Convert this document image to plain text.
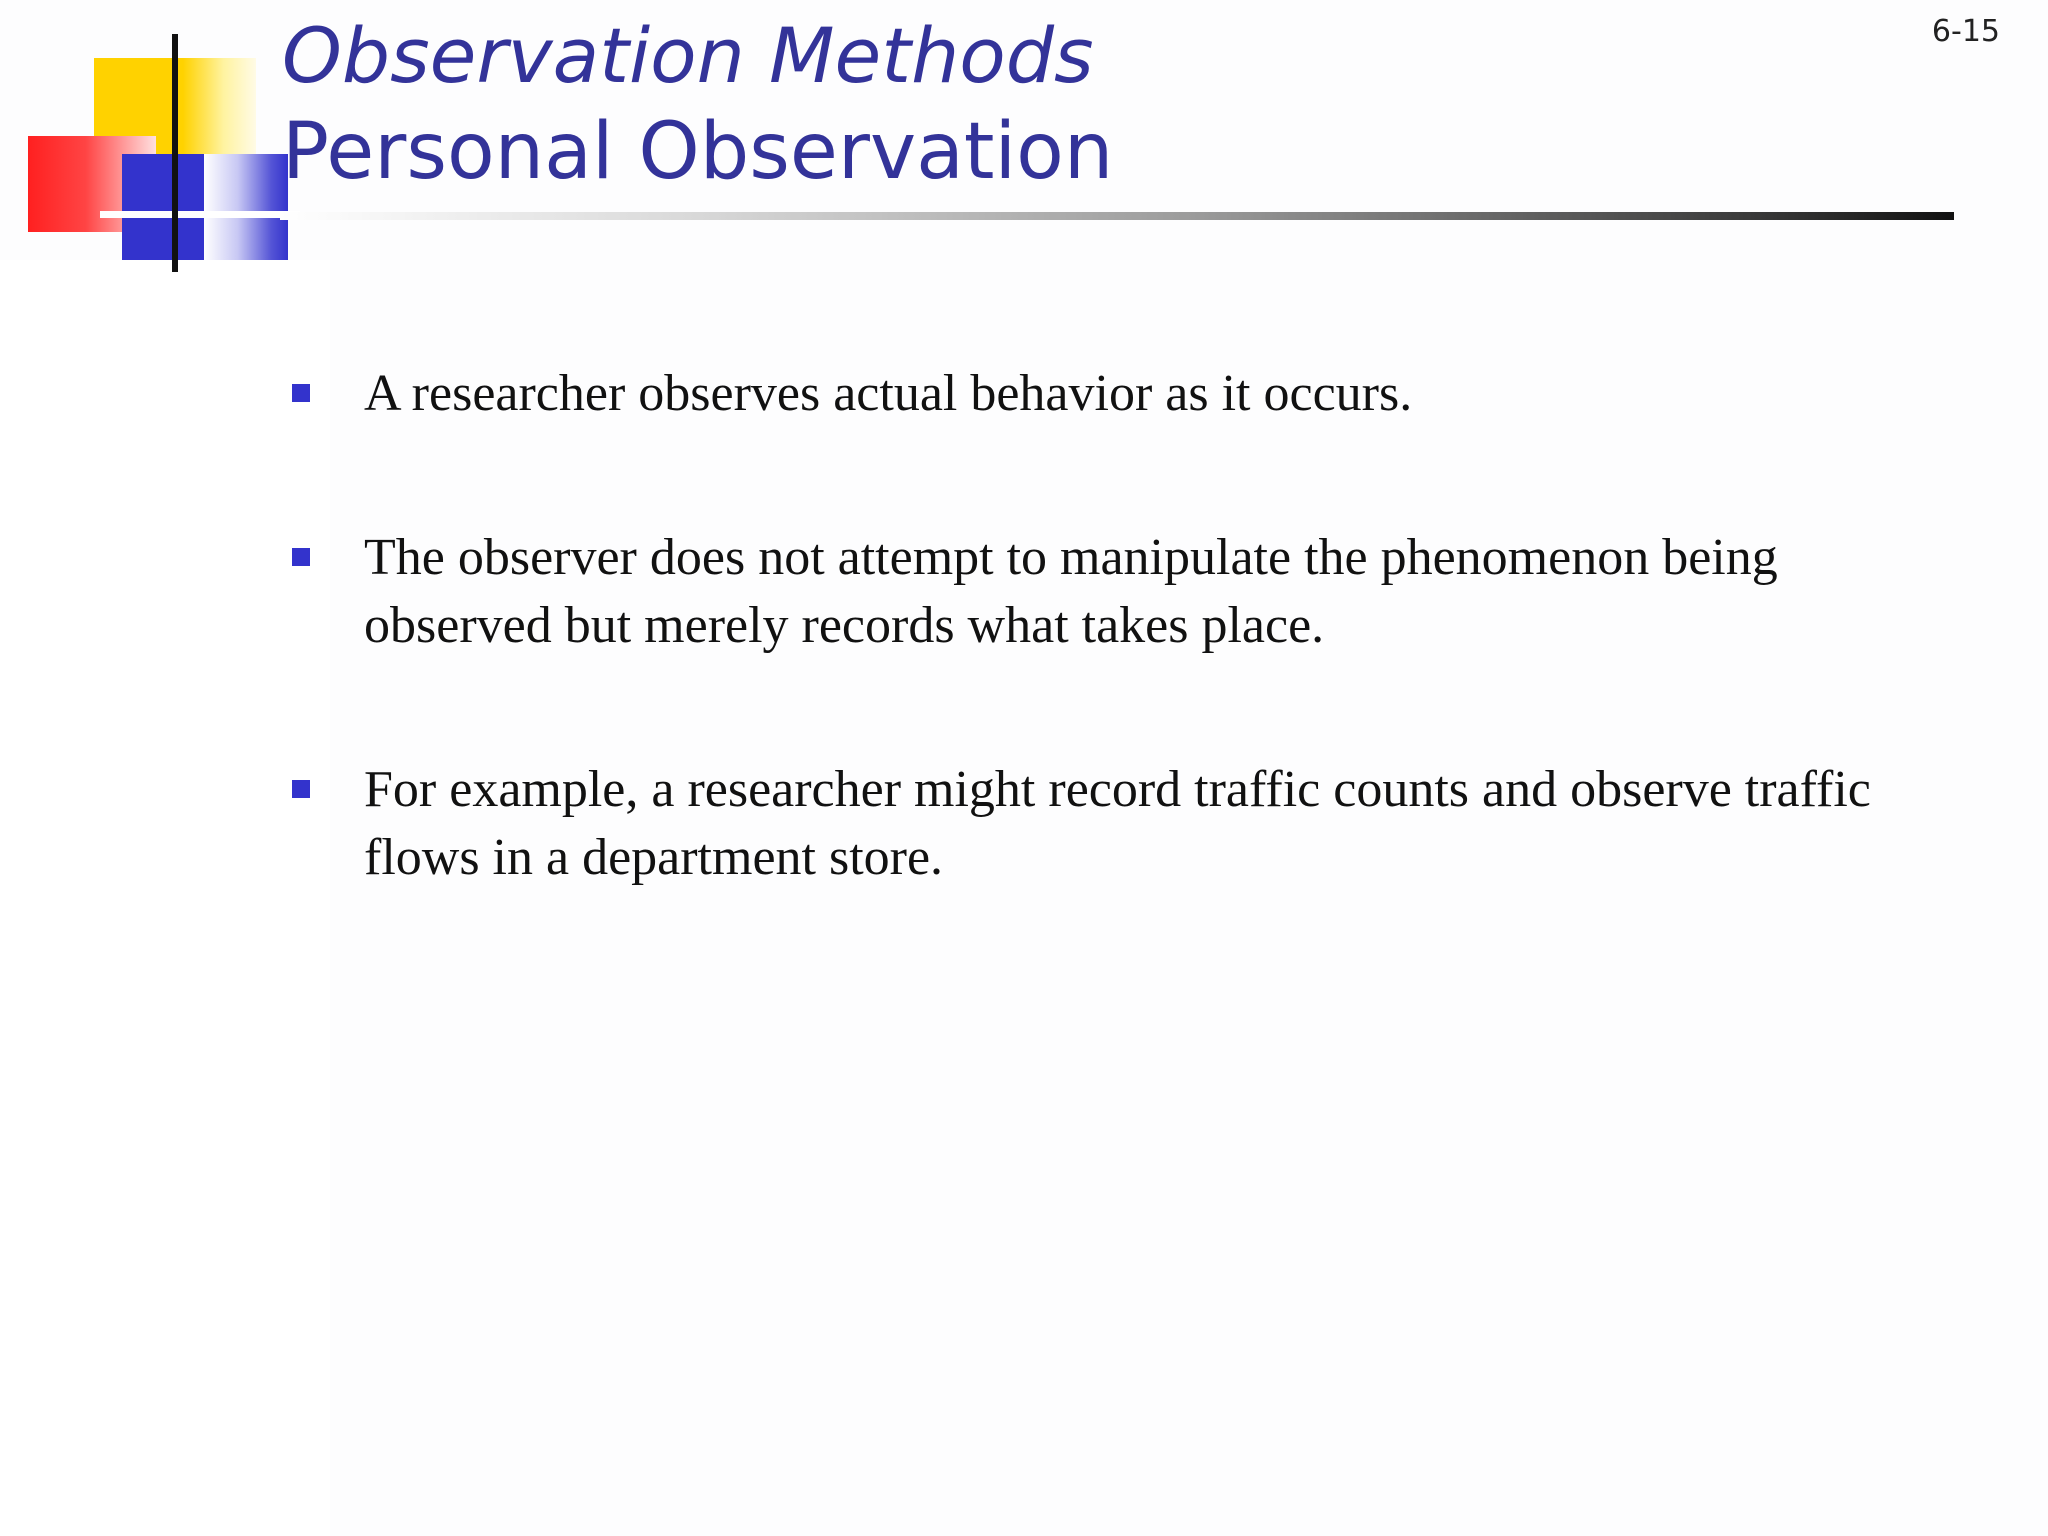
6-15
Observation Methods
Personal Observation
A researcher observes actual behavior as it occurs.
The observer does not attempt to manipulate the phenomenon being observed but merely records what takes place.
For example, a researcher might record traffic counts and observe traffic flows in a department store.
